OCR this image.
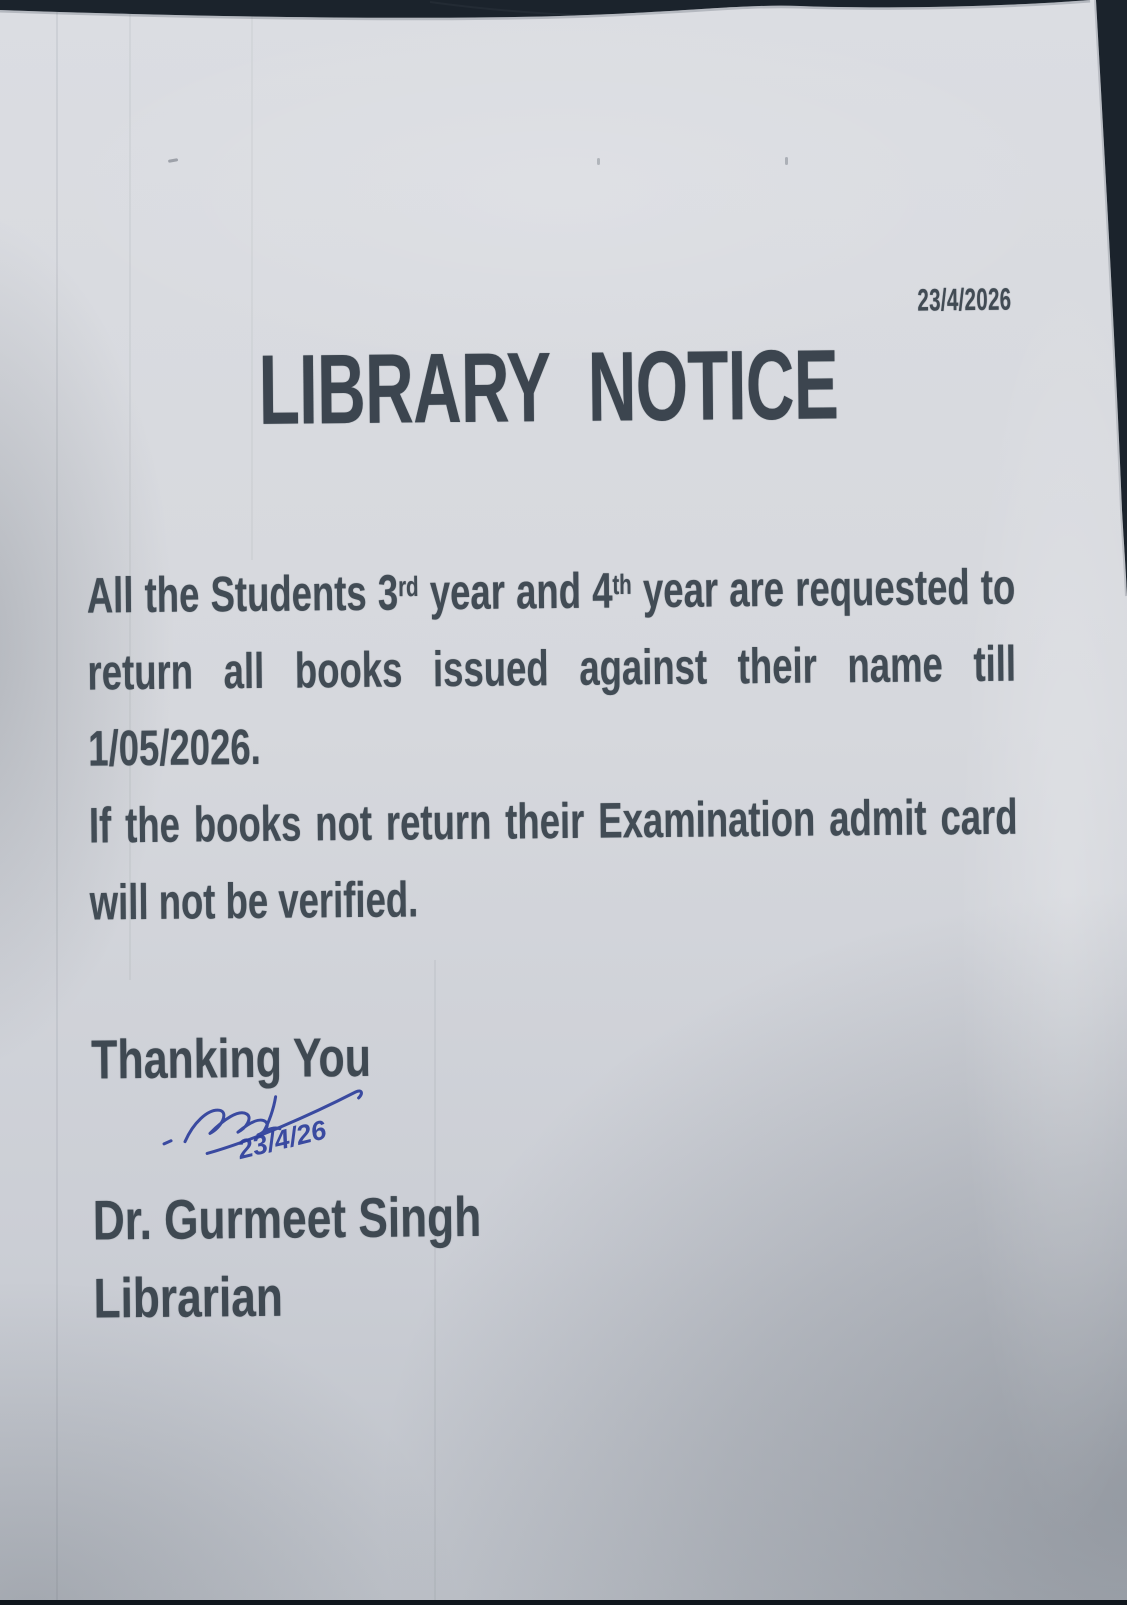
23/4/2026
LIBRARY NOTICE
All the Students 3rd year and 4th year are requested to
return all books issued against their name till
1/05/2026.
If the books not return their Examination admit card
will not be verified.
Thanking You
23/4/26
Dr. Gurmeet Singh
Librarian
